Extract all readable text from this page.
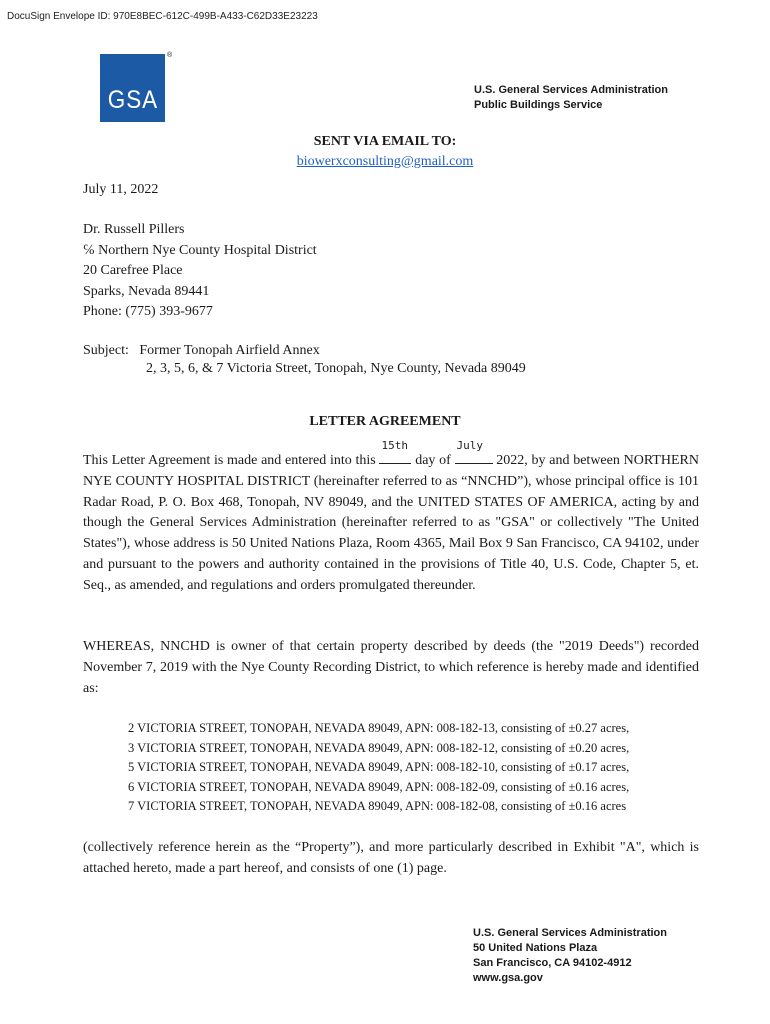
DocuSign Envelope ID: 970E8BEC-612C-499B-A433-C62D33E23223
GSA
®
U.S. General Services Administration
Public Buildings Service
SENT VIA EMAIL TO:
biowerxconsulting@gmail.com
July 11, 2022
Dr. Russell Pillers
℅ Northern Nye County Hospital District
20 Carefree Place
Sparks, Nevada 89441
Phone: (775) 393-9677
Subject: Former Tonopah Airfield Annex
2, 3, 5, 6, & 7 Victoria Street, Tonopah, Nye County, Nevada 89049
LETTER AGREEMENT
This Letter Agreement is made and entered into this
15th
day of
July
2022, by and between NORTHERN NYE COUNTY HOSPITAL DISTRICT (hereinafter referred to as “NNCHD”), whose principal office is 101 Radar Road, P. O. Box 468, Tonopah, NV 89049, and the UNITED STATES OF AMERICA, acting by and though the General Services Administration (hereinafter referred to as "GSA" or collectively "The United States"), whose address is 50 United Nations Plaza, Room 4365, Mail Box 9 San Francisco, CA 94102, under and pursuant to the powers and authority contained in the provisions of Title 40, U.S. Code, Chapter 5, et. Seq., as amended, and regulations and orders promulgated thereunder.
WHEREAS, NNCHD is owner of that certain property described by deeds (the "2019 Deeds") recorded November 7, 2019 with the Nye County Recording District, to which reference is hereby made and identified as:
2 VICTORIA STREET, TONOPAH, NEVADA 89049, APN: 008-182-13, consisting of ±0.27 acres,
3 VICTORIA STREET, TONOPAH, NEVADA 89049, APN: 008-182-12, consisting of ±0.20 acres,
5 VICTORIA STREET, TONOPAH, NEVADA 89049, APN: 008-182-10, consisting of ±0.17 acres,
6 VICTORIA STREET, TONOPAH, NEVADA 89049, APN: 008-182-09, consisting of ±0.16 acres,
7 VICTORIA STREET, TONOPAH, NEVADA 89049, APN: 008-182-08, consisting of ±0.16 acres
(collectively reference herein as the “Property”), and more particularly described in Exhibit "A", which is attached hereto, made a part hereof, and consists of one (1) page.
U.S. General Services Administration
50 United Nations Plaza
San Francisco, CA 94102-4912
www.gsa.gov
